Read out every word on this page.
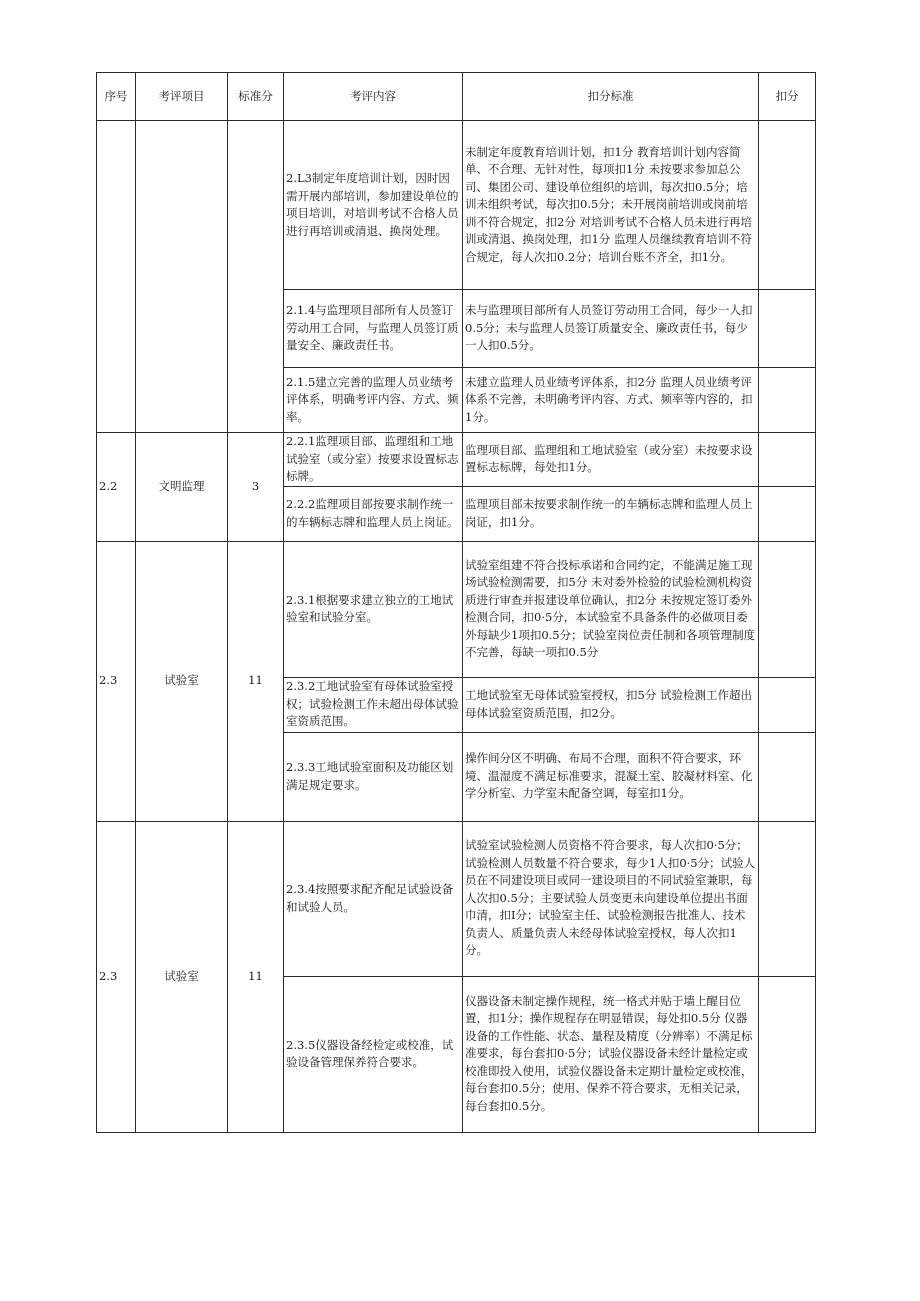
序号	考评项目	标准分	考评内容	扣分标准	扣分
			2.L3制定年度培训计划，因时因需开展内部培训，参加建设单位的项目培训，对培训考试不合格人员进行再培训或清退、换岗处理。	未制定年度教育培训计划，扣1分 教育培训计划内容简单、不合理、无针对性，每项扣1分 未按要求参加总公司、集团公司、建设单位组织的培训，每次扣0.5分；培训未组织考试，每次扣0.5分；未开展岗前培训或岗前培训不符合规定，扣2分 对培训考试不合格人员未进行再培训或清退、换岗处理，扣1分 监理人员继续教育培训不符合规定，每人次扣0.2分；培训台账不齐全，扣1分。	
			2.1.4与监理项目部所有人员签订劳动用工合同，与监理人员签订质量安全、廉政责任书。	未与监理项目部所有人员签订劳动用工合同，每少一人扣0.5分；未与监理人员签订质量安全、廉政责任书，每少一人扣0.5分。	
			2.1.5建立完善的监理人员业绩考评体系，明确考评内容、方式、频率。	未建立监理人员业绩考评体系，扣2分 监理人员业绩考评体系不完善，未明确考评内容、方式、频率等内容的，扣1分。	
2.2	文明监理	3	2.2.1监理项目部、监理组和工地试验室（或分室）按要求设置标志标牌。	监理项目部、监理组和工地试验室（或分室）未按要求设置标志标牌，每处扣1分。	
			2.2.2监理项目部按要求制作统一的车辆标志牌和监理人员上岗证。	监理项目部未按要求制作统一的车辆标志牌和监理人员上岗证，扣1分。	
2.3	试验室	11	2.3.1根据要求建立独立的工地试验室和试验分室。	试验室组建不符合投标承诺和合同约定，不能满足施工现场试验检测需要，扣5分 未对委外检验的试验检测机构资质进行审查并报建设单位确认，扣2分 未按规定签订委外检测合同，扣0·5分，本试验室不具备条件的必做项目委外每缺少1项扣0.5分；试验室岗位责任制和各项管理制度不完善，每缺一项扣0.5分	
			2.3.2工地试验室有母体试验室授权；试验检测工作未超出母体试验室资质范围。	工地试验室无母体试验室授权，扣5分 试验检测工作超出母体试验室资质范围，扣2分。	
			2.3.3工地试验室面积及功能区划满足规定要求。	操作间分区不明确、布局不合理，面积不符合要求，环境、温湿度不满足标准要求，混凝土室、胶凝材料室、化学分析室、力学室未配备空调，每室扣1分。	
2.3	试验室	11	2.3.4按照要求配齐配足试验设备和试验人员。	试验室试验检测人员资格不符合要求，每人次扣0·5分；试验检测人员数量不符合要求，每少1人扣0·5分；试验人员在不同建设项目或同一建设项目的不同试验室兼职，每人次扣0.5分；主要试验人员变更未向建设单位提出书面巾清，扣I分；试验室主任、试验检测报告批准人、技术负责人、质量负责人未经母体试验室授权，每人次扣1分。	
			2.3.5仪器设备经检定或校准，试验设备管理保养符合要求。	仪器设备未制定操作规程，统一格式并贴于墙上醒目位置，扣1分；操作规程存在明显错误，每处扣0.5分 仪器设备的工作性能、状态、量程及精度（分辨率）不满足标准要求，每台套扣0·5分；试验仪器设备未经计量检定或校准即投入使用，试验仪器设备未定期计量检定或校准，每台套扣0.5分；使用、保养不符合要求，无相关记录，每台套扣0.5分。	
